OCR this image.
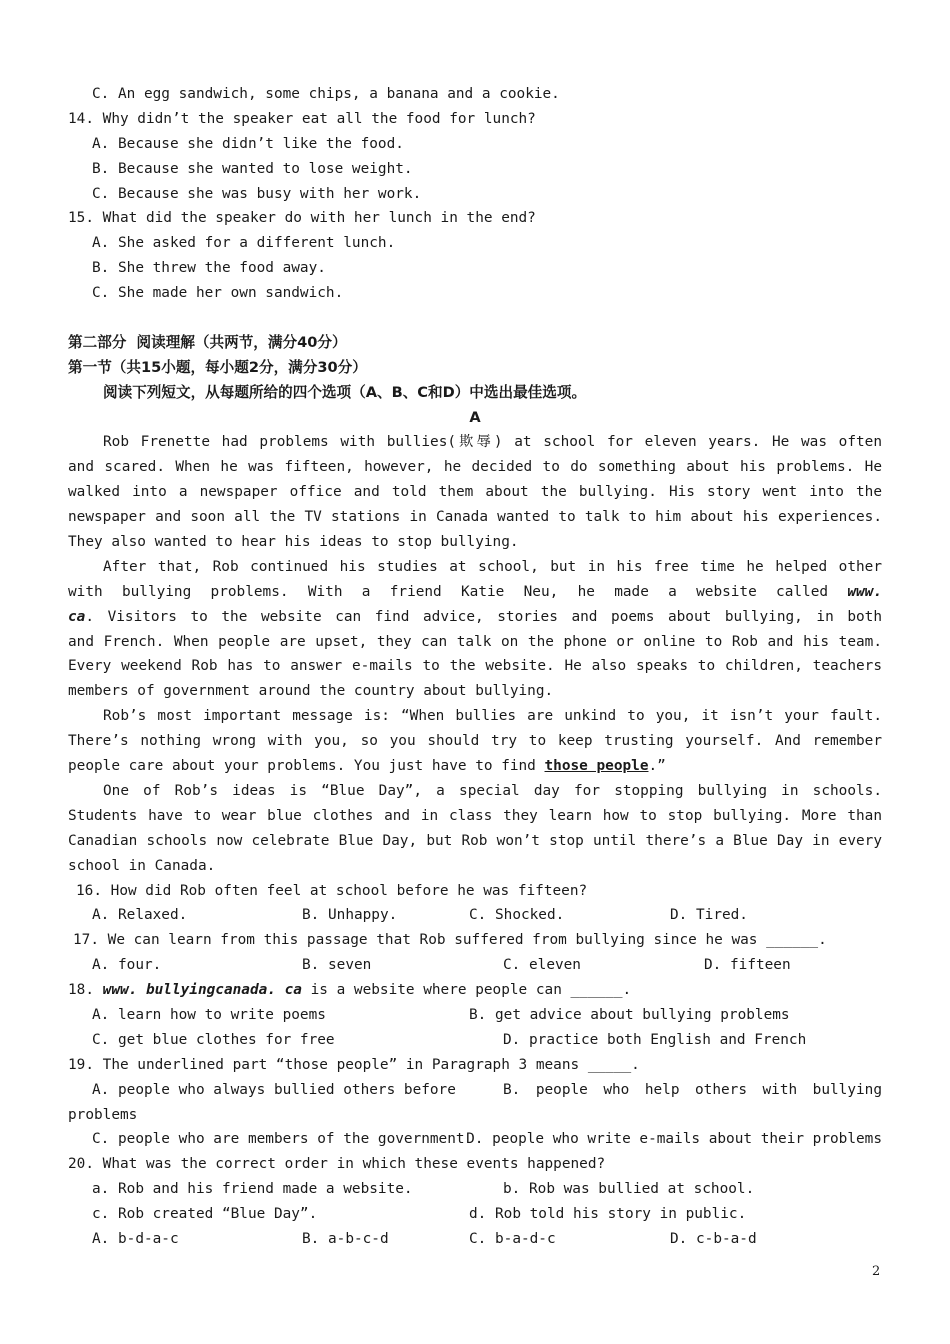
C. An egg sandwich, some chips, a banana and a cookie.
14. Why didn’t the speaker eat all the food for lunch?
A. Because she didn’t like the food.
B. Because she wanted to lose weight.
C. Because she was busy with her work.
15. What did the speaker do with her lunch in the end?
A. She asked for a different lunch.
B. She threw the food away.
C. She made her own sandwich.
第二部分  阅读理解（共两节，满分40分）
第一节（共15小题，每小题2分，满分30分）
阅读下列短文，从每题所给的四个选项（A、B、C和D）中选出最佳选项。
A
Rob Frenette had problems with bullies(欺辱) at school for eleven years. He was often
and scared. When he was fifteen, however, he decided to do something about his problems. He
walked into a newspaper office and told them about the bullying. His story went into the
newspaper and soon all the TV stations in Canada wanted to talk to him about his experiences.
They also wanted to hear his ideas to stop bullying.
After that, Rob continued his studies at school, but in his free time he helped other
with bullying problems. With a friend Katie Neu, he made a website called www.
ca. Visitors to the website can find advice, stories and poems about bullying, in both
and French. When people are upset, they can talk on the phone or online to Rob and his team.
Every weekend Rob has to answer e-mails to the website. He also speaks to children, teachers
members of government around the country about bullying.
Rob’s most important message is: “When bullies are unkind to you, it isn’t your fault.
There’s nothing wrong with you, so you should try to keep trusting yourself. And remember
people care about your problems. You just have to find those people.”
One of Rob’s ideas is “Blue Day”, a special day for stopping bullying in schools.
Students have to wear blue clothes and in class they learn how to stop bullying. More than
Canadian schools now celebrate Blue Day, but Rob won’t stop until there’s a Blue Day in every
school in Canada.
16. How did Rob often feel at school before he was fifteen?
A. Relaxed.	B. Unhappy.	C. Shocked.	D. Tired.
17. We can learn from this passage that Rob suffered from bullying since he was ______.
A. four.	B. seven	C. eleven	D. fifteen
18. www. bullyingcanada. ca is a website where people can ______.
A. learn how to write poems	B. get advice about bullying problems
C. get blue clothes for free	D. practice both English and French
19. The underlined part “those people” in Paragraph 3 means _____.
A. people who always bullied others before	B. people who help others with bullying
problems
C. people who are members of the government D. people who write e-mails about their problems
20. What was the correct order in which these events happened?
a. Rob and his friend made a website.	b. Rob was bullied at school.
c. Rob created “Blue Day”.	d. Rob told his story in public.
A. b-d-a-c	B. a-b-c-d	C. b-a-d-c	D. c-b-a-d
2
